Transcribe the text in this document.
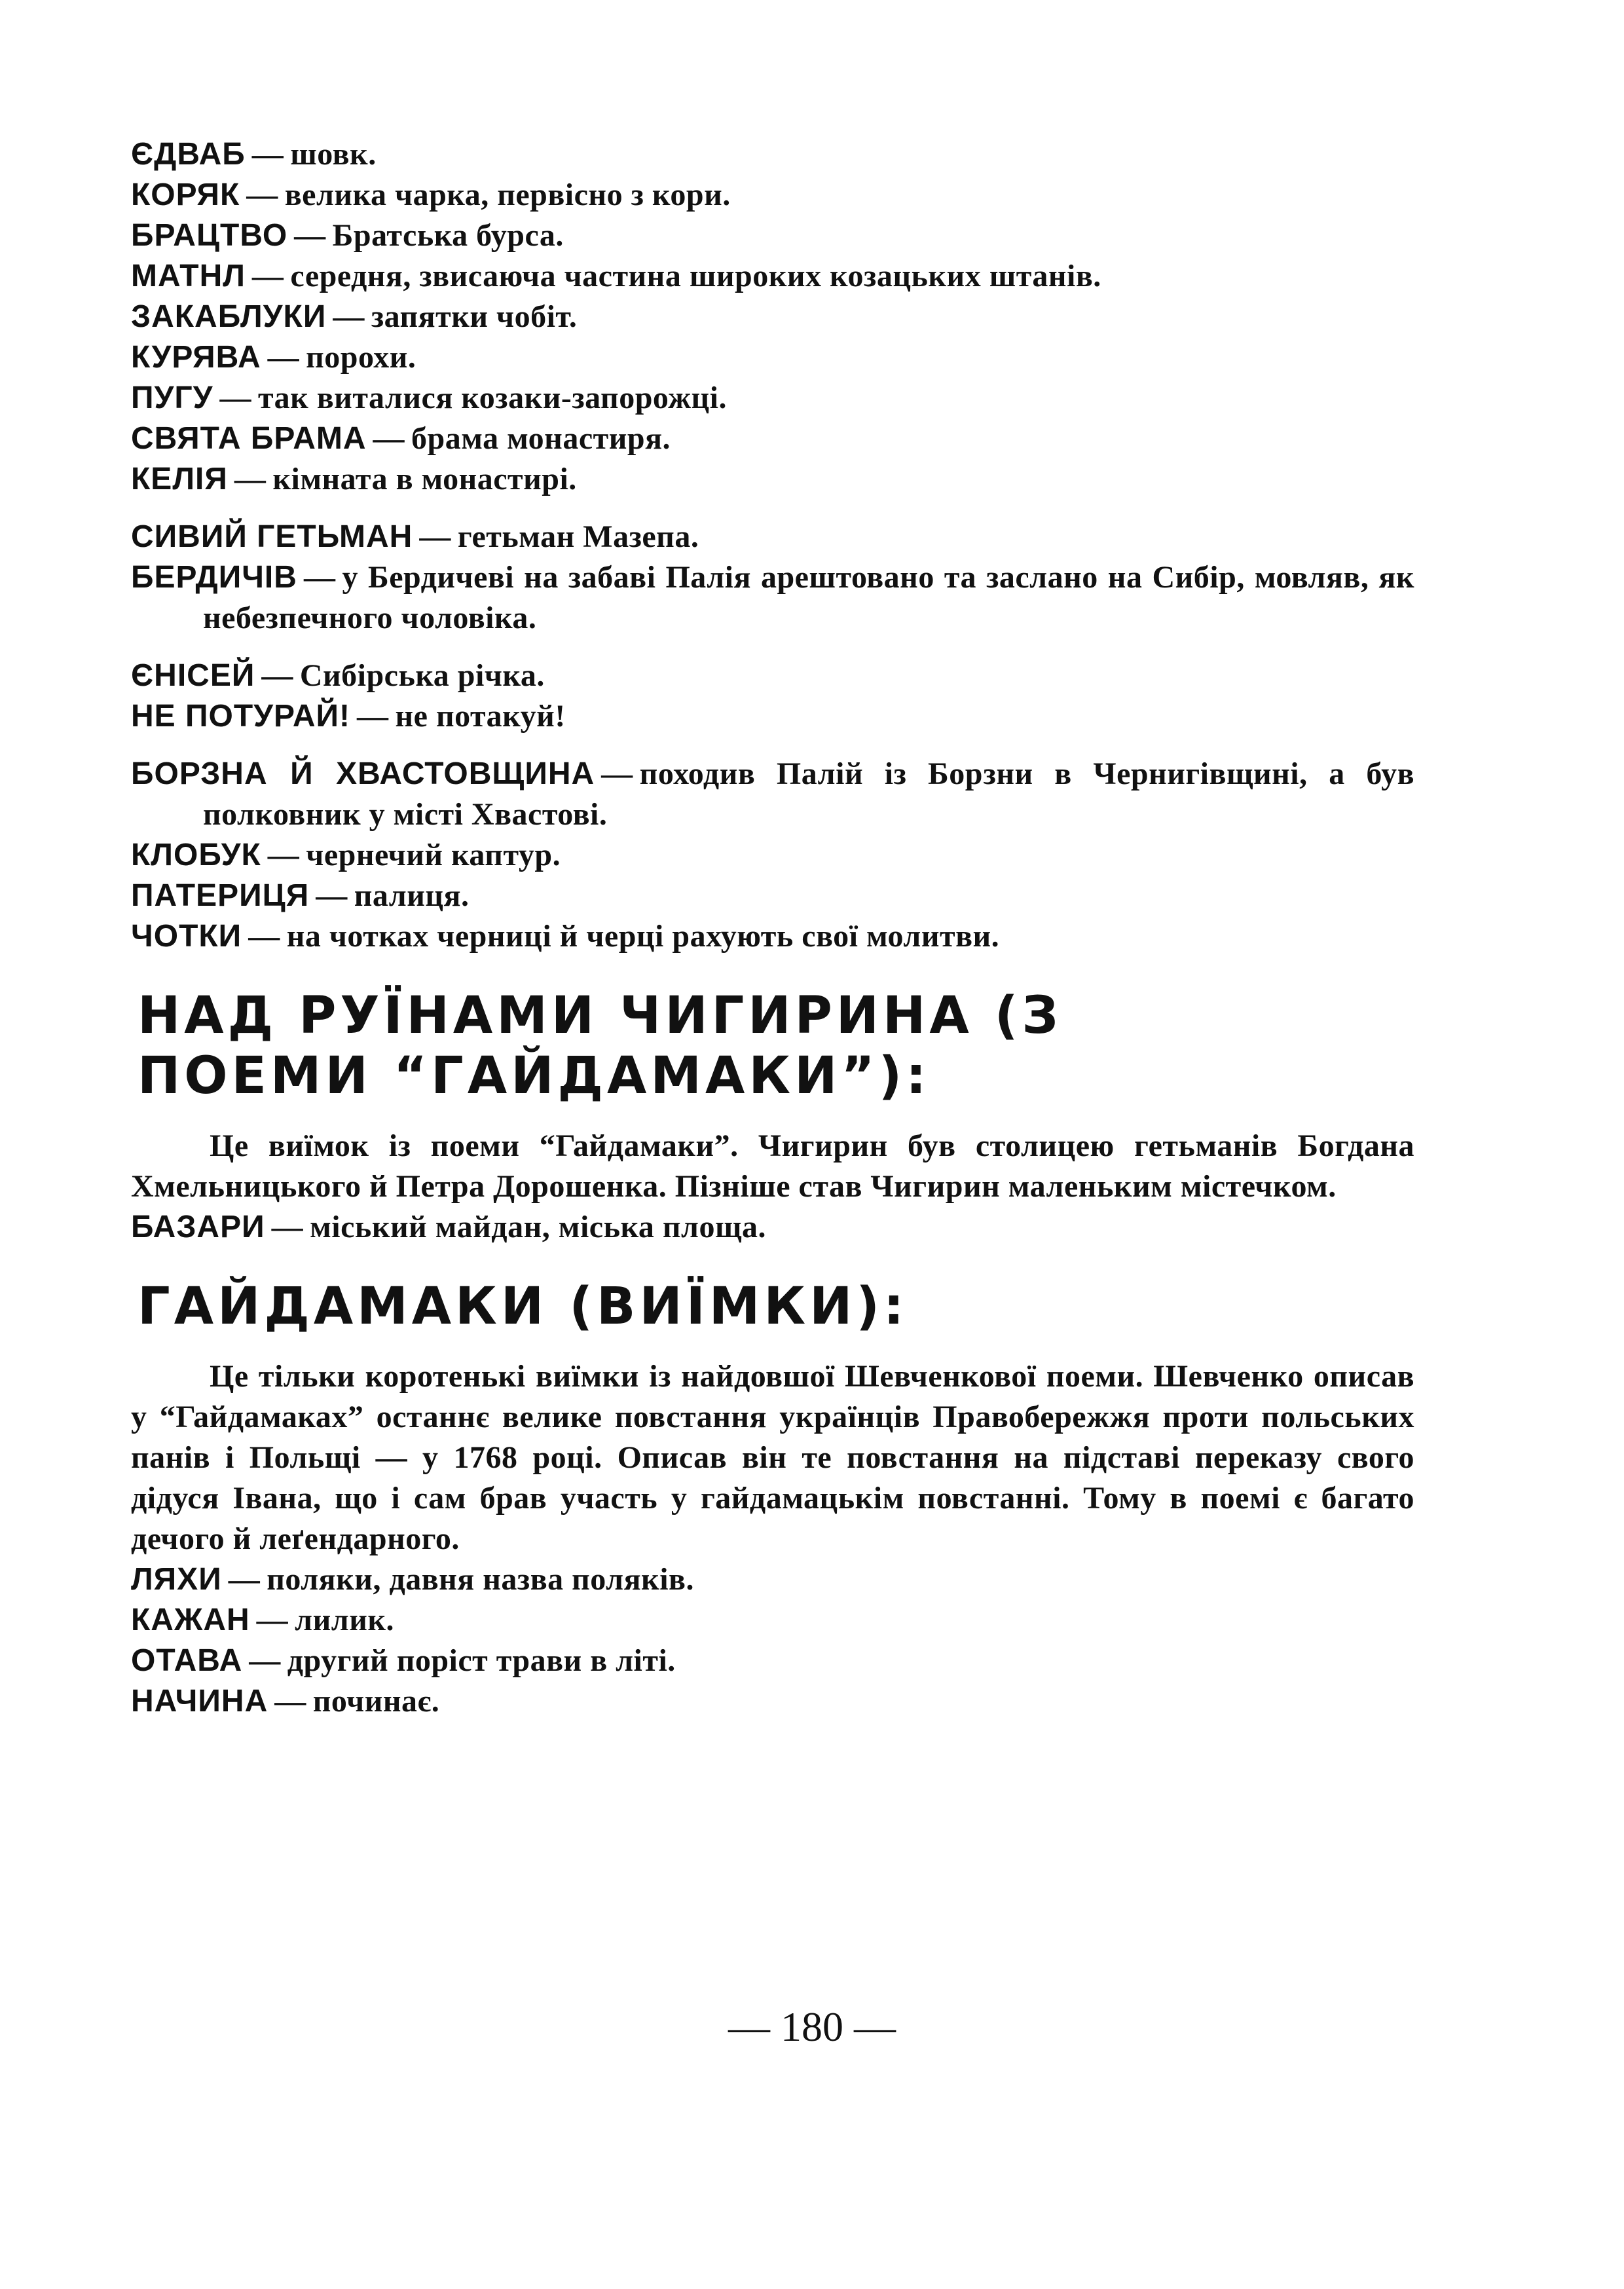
ЄДВАБ — шовк.

КОРЯК — велика чарка, первісно з кори.

БРАЦТВО — Братська бурса.

МАТНЛ — середня, звисаюча частина широких козацьких штанів.

ЗАКАБЛУКИ — запятки чобіт.

КУРЯВА — порохи.

ПУГУ — так виталися козаки-запорожці.

СВЯТА БРАМА — брама монастиря.

КЕЛІЯ — кімната в монастирі.

СИВИЙ ГЕТЬМАН — гетьман Мазепа.

БЕРДИЧІВ — у Бердичеві на забаві Палія арештовано та заслано на Сибір, мовляв, як небезпечного чоловіка.

ЄНІСЕЙ — Сибірська річка.

НЕ ПОТУРАЙ! — не потакуй!

БОРЗНА Й ХВАСТОВЩИНА — походив Палій із Борзни в Чернигівщині, а був полковник у місті Хвастові.

КЛОБУК — чернечий каптур.

ПАТЕРИЦЯ — палиця.

ЧОТКИ — на чотках черниці й черці рахують свої молитви.

НАД РУЇНАМИ ЧИГИРИНА (З ПОЕМИ “ГАЙДАМАКИ”):

Це виїмок із поеми “Гайдамаки”. Чигирин був столицею гетьманів Богдана Хмельницького й Петра Дорошенка. Пізніше став Чигирин маленьким містечком.

БАЗАРИ — міський майдан, міська площа.

ГАЙДАМАКИ (ВИЇМКИ):

Це тільки коротенькі виїмки із найдовшої Шевченкової поеми. Шевченко описав у “Гайдамаках” останнє велике повстання українців Правобережжя проти польських панів і Польщі — у 1768 році. Описав він те повстання на підставі переказу свого дідуся Івана, що і сам брав участь у гайдамацькім повстанні. Тому в поемі є багато дечого й леґендарного.

ЛЯХИ — поляки, давня назва поляків.

КАЖАН — лилик.

ОТАВА — другий поріст трави в літі.

НАЧИНА — починає.

— 180 —
